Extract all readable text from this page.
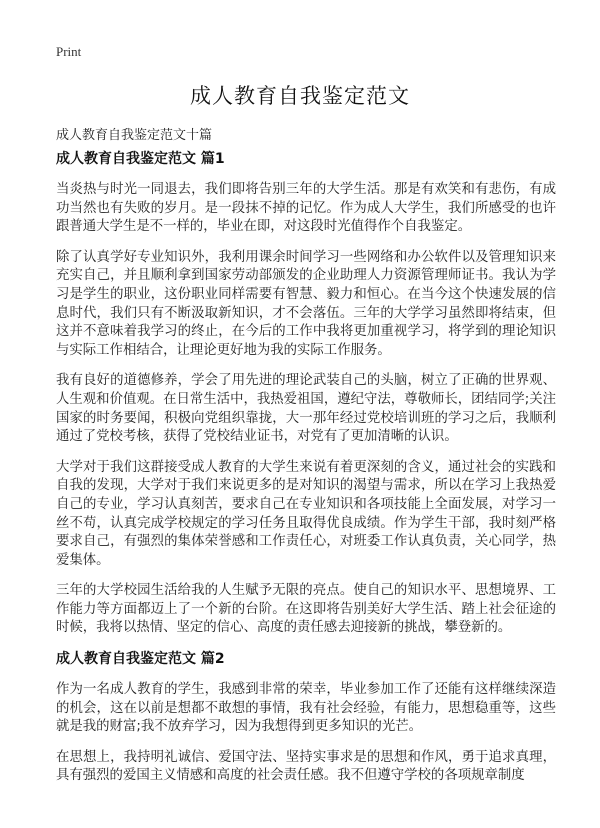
Print
成人教育自我鉴定范文
成人教育自我鉴定范文十篇
成人教育自我鉴定范文 篇1

当炎热与时光一同退去，我们即将告别三年的大学生活。那是有欢笑和有悲伤，有成功当然也有失败的岁月。是一段抹不掉的记忆。作为成人大学生，我们所感受的也许跟普通大学生是不一样的，毕业在即，对这段时光值得作个自我鉴定。

除了认真学好专业知识外，我利用课余时间学习一些网络和办公软件以及管理知识来充实自己，并且顺利拿到国家劳动部颁发的企业助理人力资源管理师证书。我认为学习是学生的职业，这份职业同样需要有智慧、毅力和恒心。在当今这个快速发展的信息时代，我们只有不断汲取新知识，才不会落伍。三年的大学学习虽然即将结束，但这并不意味着我学习的终止，在今后的工作中我将更加重视学习，将学到的理论知识与实际工作相结合，让理论更好地为我的实际工作服务。

我有良好的道德修养，学会了用先进的理论武装自己的头脑，树立了正确的世界观、人生观和价值观。在日常生活中，我热爱祖国，遵纪守法，尊敬师长，团结同学;关注国家的时务要闻，积极向党组织靠拢，大一那年经过党校培训班的学习之后，我顺利通过了党校考核，获得了党校结业证书，对党有了更加清晰的认识。

大学对于我们这群接受成人教育的大学生来说有着更深刻的含义，通过社会的实践和自我的发现，大学对于我们来说更多的是对知识的渴望与需求，所以在学习上我热爱自己的专业，学习认真刻苦，要求自己在专业知识和各项技能上全面发展，对学习一丝不苟，认真完成学校规定的学习任务且取得优良成绩。作为学生干部，我时刻严格要求自己，有强烈的集体荣誉感和工作责任心，对班委工作认真负责，关心同学，热爱集体。

三年的大学校园生活给我的人生赋予无限的亮点。使自己的知识水平、思想境界、工作能力等方面都迈上了一个新的台阶。在这即将告别美好大学生活、踏上社会征途的时候，我将以热情、坚定的信心、高度的责任感去迎接新的挑战，攀登新的。

成人教育自我鉴定范文 篇2

作为一名成人教育的学生，我感到非常的荣幸，毕业参加工作了还能有这样继续深造的机会，这在以前是想都不敢想的事情，我有社会经验，有能力，思想稳重等，这些就是我的财富;我不放弃学习，因为我想得到更多知识的光芒。

在思想上，我持明礼诚信、爱国守法、坚持实事求是的思想和作风，勇于追求真理，具有强烈的爱国主义情感和高度的社会责任感。我不但遵守学校的各项规章制度
